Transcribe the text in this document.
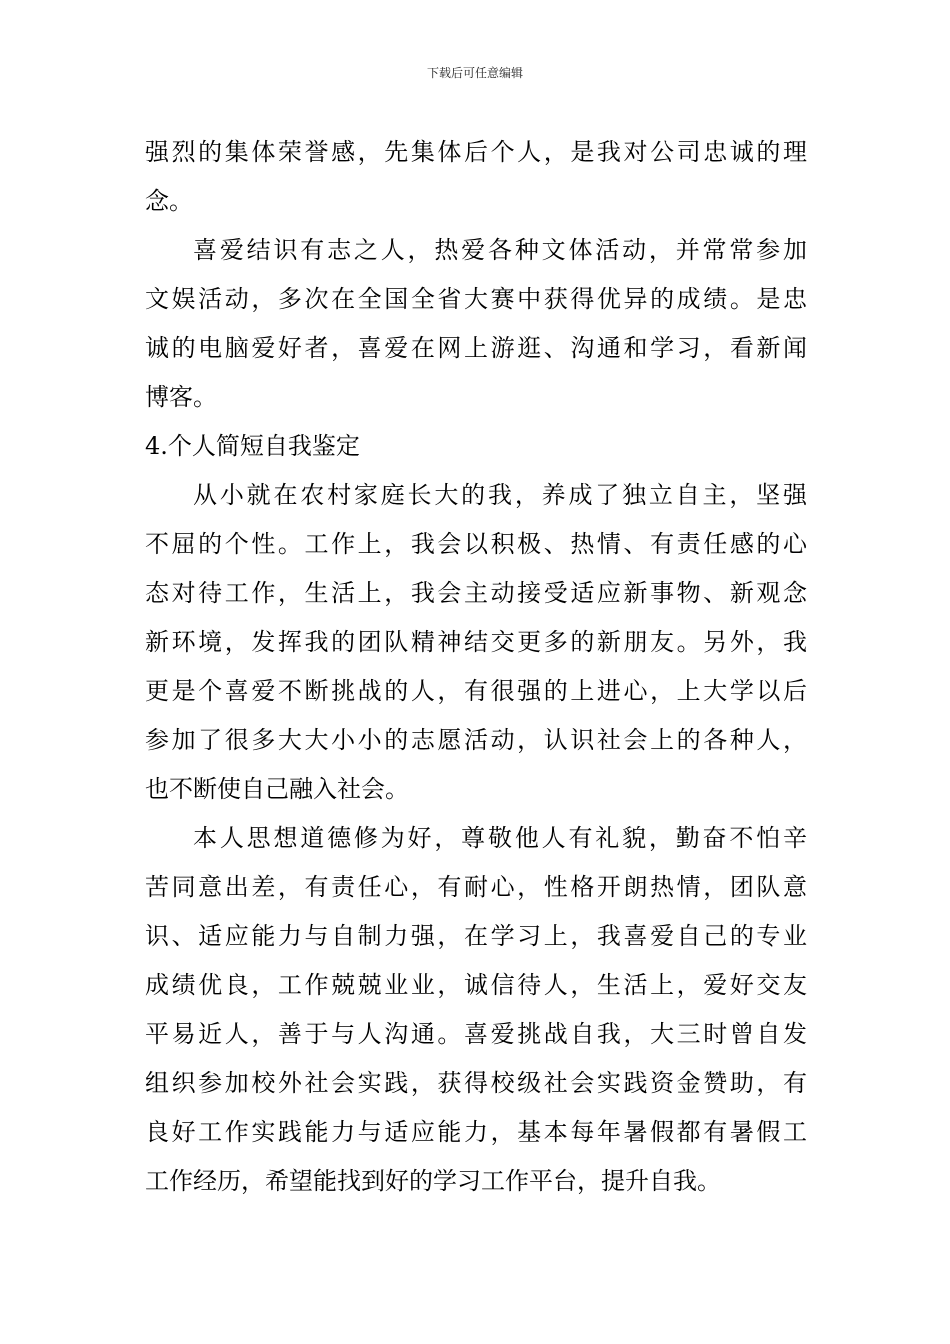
下载后可任意编辑
强烈的集体荣誉感，先集体后个人，是我对公司忠诚的理
念。
喜爱结识有志之人，热爱各种文体活动，并常常参加
文娱活动，多次在全国全省大赛中获得优异的成绩。是忠
诚的电脑爱好者，喜爱在网上游逛、沟通和学习，看新闻
博客。
4.个人简短自我鉴定
从小就在农村家庭长大的我，养成了独立自主，坚强
不屈的个性。工作上，我会以积极、热情、有责任感的心
态对待工作，生活上，我会主动接受适应新事物、新观念
新环境，发挥我的团队精神结交更多的新朋友。另外，我
更是个喜爱不断挑战的人，有很强的上进心，上大学以后
参加了很多大大小小的志愿活动，认识社会上的各种人，
也不断使自己融入社会。
本人思想道德修为好，尊敬他人有礼貌，勤奋不怕辛
苦同意出差，有责任心，有耐心，性格开朗热情，团队意
识、适应能力与自制力强，在学习上，我喜爱自己的专业
成绩优良，工作兢兢业业，诚信待人，生活上，爱好交友
平易近人，善于与人沟通。喜爱挑战自我，大三时曾自发
组织参加校外社会实践，获得校级社会实践资金赞助，有
良好工作实践能力与适应能力，基本每年暑假都有暑假工
工作经历，希望能找到好的学习工作平台，提升自我。
